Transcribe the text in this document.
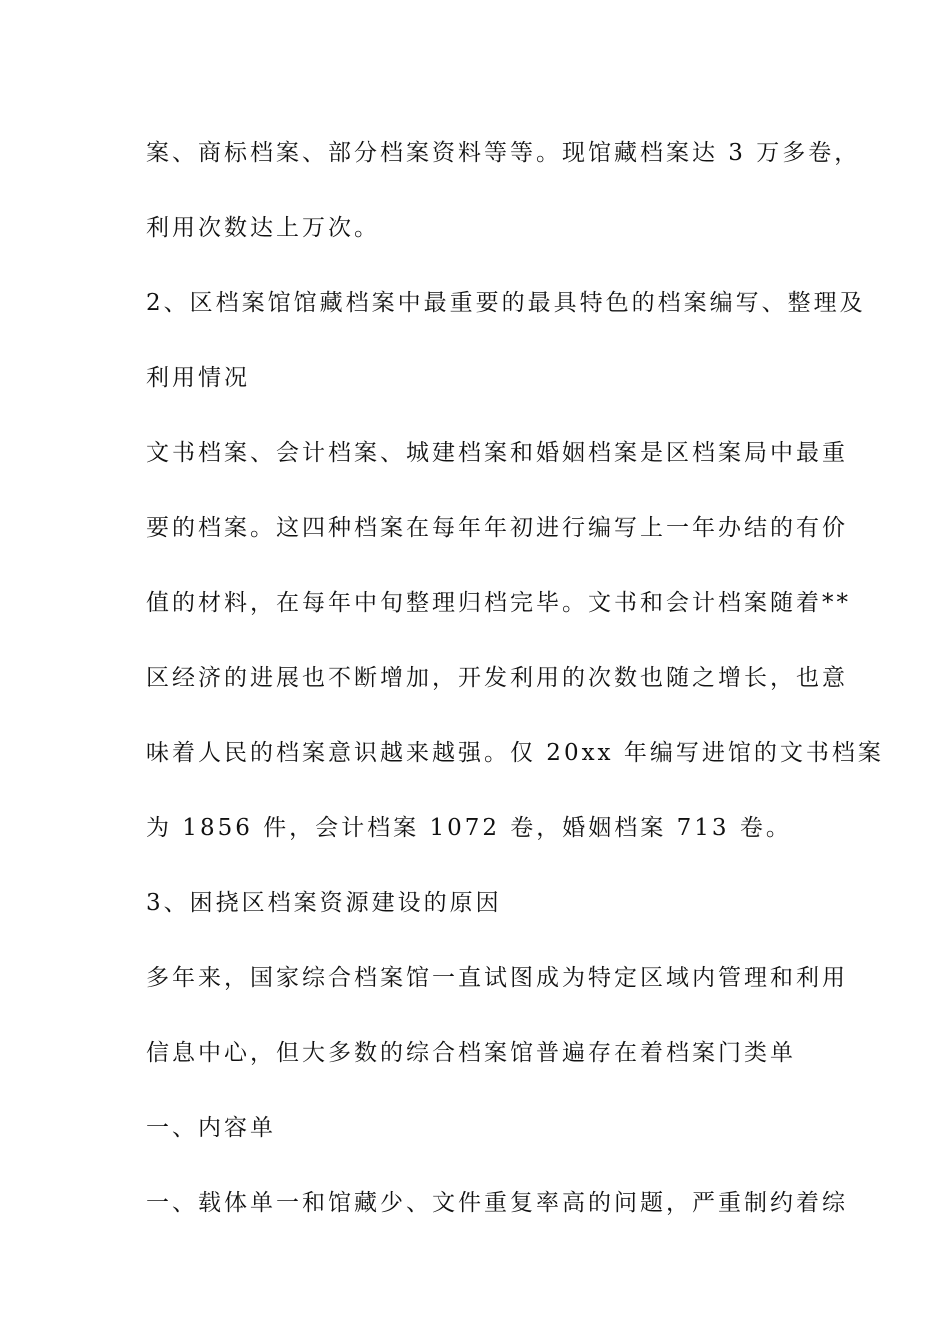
案、商标档案、部分档案资料等等。现馆藏档案达 3 万多卷，

利用次数达上万次。

2、区档案馆馆藏档案中最重要的最具特色的档案编写、整理及

利用情况

文书档案、会计档案、城建档案和婚姻档案是区档案局中最重

要的档案。这四种档案在每年年初进行编写上一年办结的有价

值的材料，在每年中旬整理归档完毕。文书和会计档案随着**

区经济的进展也不断增加，开发利用的次数也随之增长，也意

味着人民的档案意识越来越强。仅 20xx 年编写进馆的文书档案

为 1856 件，会计档案 1072 卷，婚姻档案 713 卷。

3、困挠区档案资源建设的原因

多年来，国家综合档案馆一直试图成为特定区域内管理和利用

信息中心，但大多数的综合档案馆普遍存在着档案门类单

一、内容单

一、载体单一和馆藏少、文件重复率高的问题，严重制约着综
